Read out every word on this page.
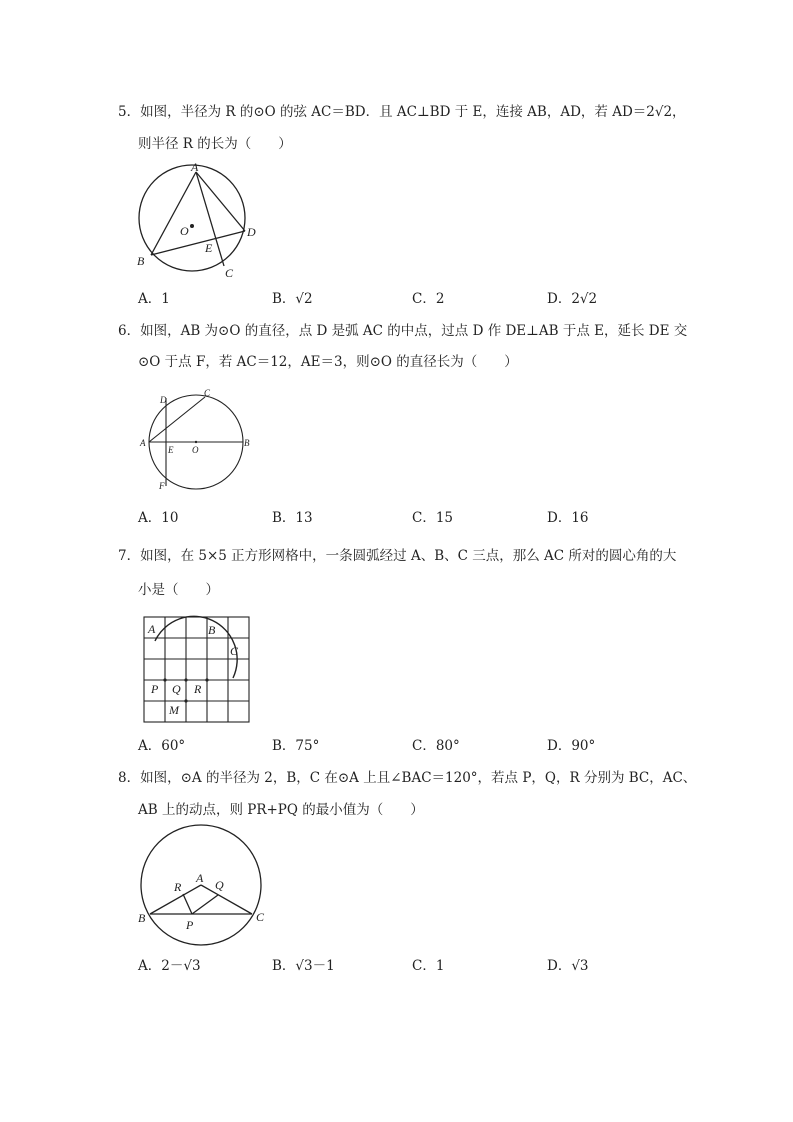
5．如图，半径为 R 的⊙O 的弦 AC＝BD．且 AC⊥BD 于 E，连接 AB，AD，若 AD＝2√2，
则半径 R 的长为（　　）
A
B
C
D
E
O
A．1	B．√2	C．2	D．2√2
6．如图，AB 为⊙O 的直径，点 D 是弧 AC 的中点，过点 D 作 DE⊥AB 于点 E，延长 DE 交
⊙O 于点 F，若 AC＝12，AE＝3，则⊙O 的直径长为（　　）
A	B
C
D
E
F
O
A．10	B．13	C．15	D．16
7．如图，在 5×5 正方形网格中，一条圆弧经过 A、B、C 三点，那么 AC 所对的圆心角的大
小是（　　）
A	B
C
P Q R
M
A．60°	B．75°	C．80°	D．90°
8．如图，⊙A 的半径为 2，B，C 在⊙A 上且∠BAC＝120°，若点 P，Q，R 分别为 BC，AC、
AB 上的动点，则 PR+PQ 的最小值为（　　）
A
B	C
P
Q
R
A．2－√3	B．√3－1	C．1	D．√3
